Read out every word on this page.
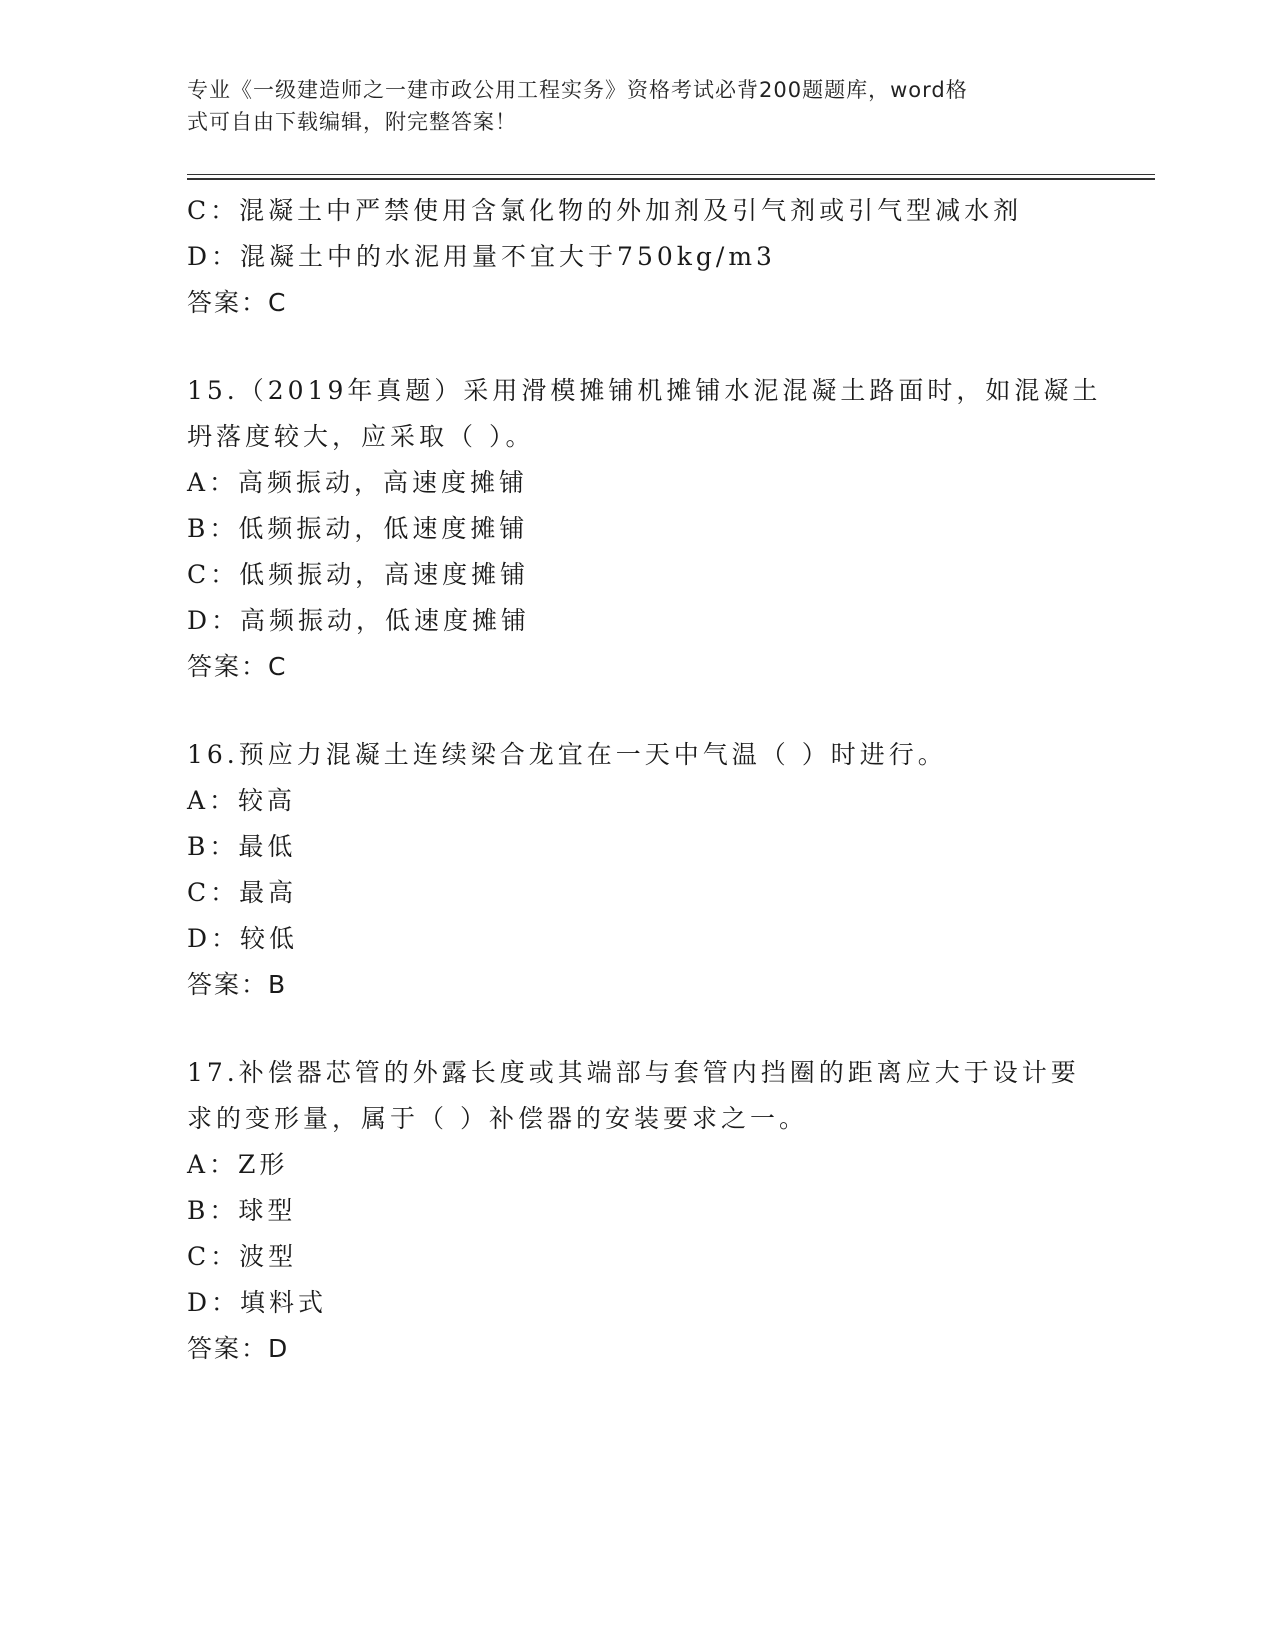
专业《一级建造师之一建市政公用工程实务》资格考试必背200题题库，word格
式可自由下载编辑，附完整答案！
C：混凝土中严禁使用含氯化物的外加剂及引气剂或引气型减水剂
D：混凝土中的水泥用量不宜大于750kg/m3
答案：C
15.（2019年真题）采用滑模摊铺机摊铺水泥混凝土路面时，如混凝土
坍落度较大，应采取（ ）。
A：高频振动，高速度摊铺
B：低频振动，低速度摊铺
C：低频振动，高速度摊铺
D：高频振动，低速度摊铺
答案：C
16.预应力混凝土连续梁合龙宜在一天中气温（ ）时进行。
A：较高
B：最低
C：最高
D：较低
答案：B
17.补偿器芯管的外露长度或其端部与套管内挡圈的距离应大于设计要
求的变形量，属于（ ）补偿器的安装要求之一。
A：Z形
B：球型
C：波型
D：填料式
答案：D
